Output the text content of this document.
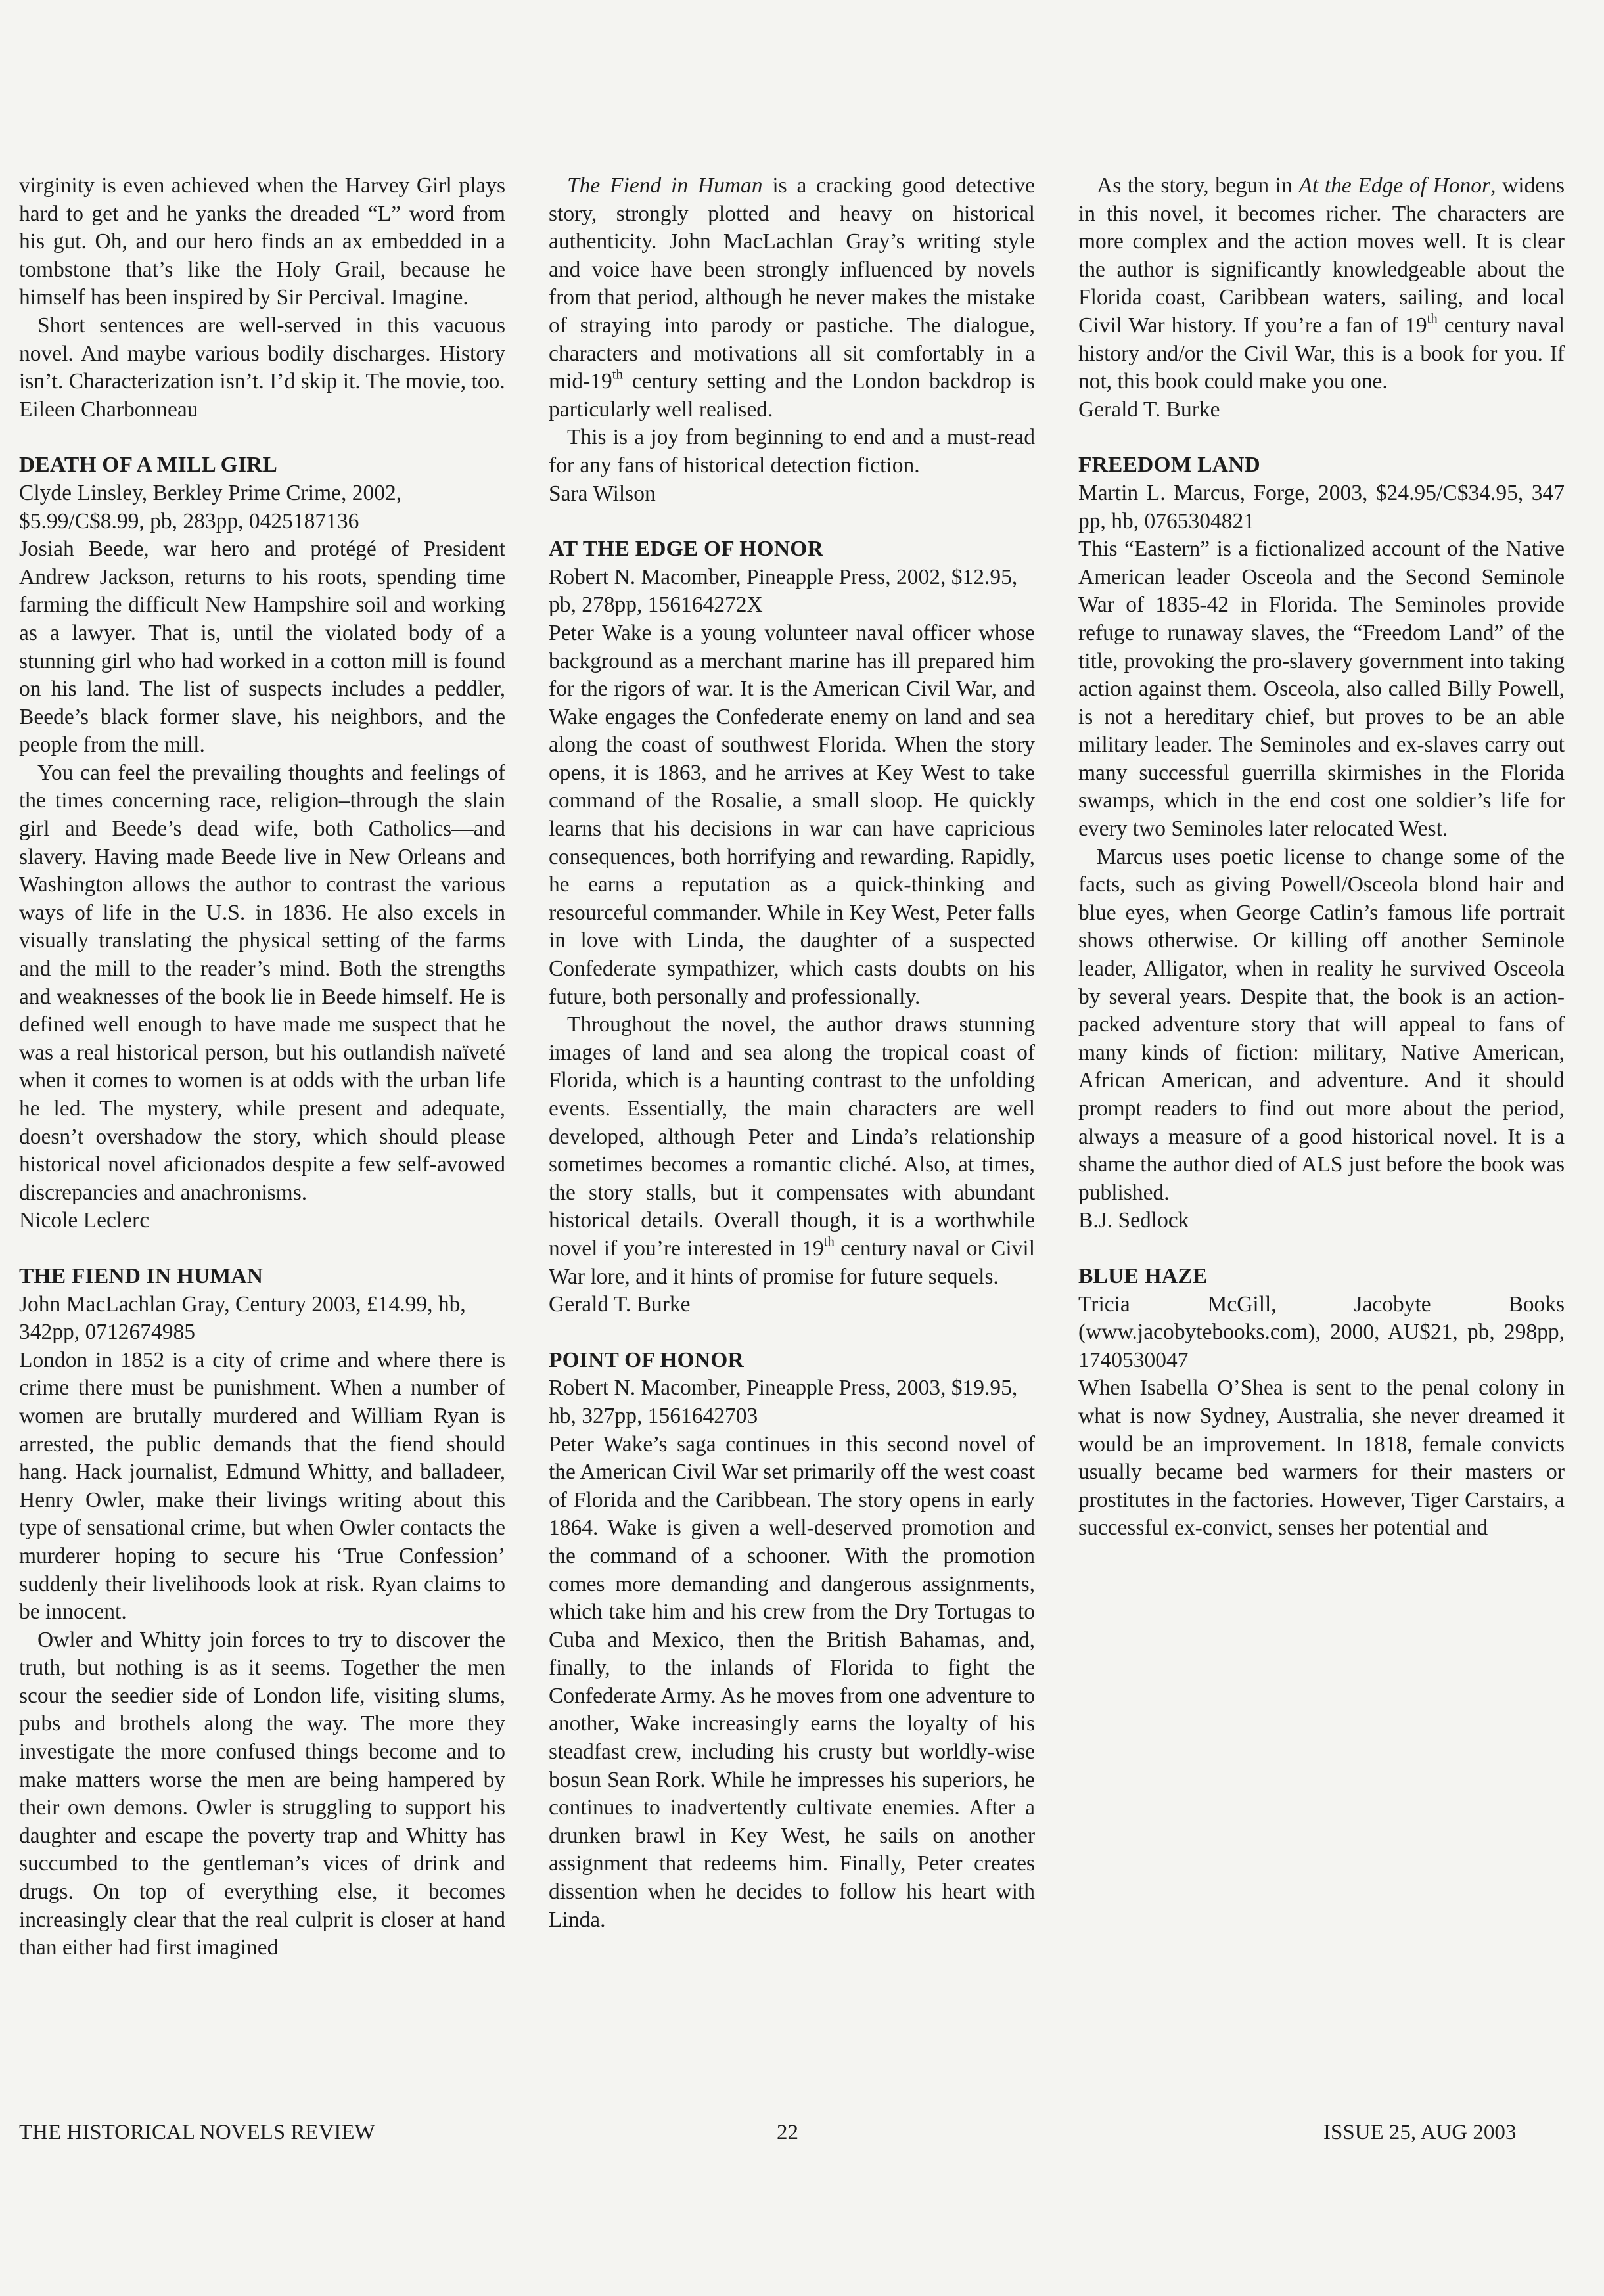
virginity is even achieved when the Harvey Girl plays hard to get and he yanks the dreaded “L” word from his gut. Oh, and our hero finds an ax embedded in a tombstone that’s like the Holy Grail, because he himself has been inspired by Sir Percival. Imagine.

Short sentences are well-served in this vacuous novel. And maybe various bodily discharges. History isn’t. Characterization isn’t. I’d skip it. The movie, too.

Eileen Charbonneau

DEATH OF A MILL GIRL

Clyde Linsley, Berkley Prime Crime, 2002, $5.99/C$8.99, pb, 283pp, 0425187136

Josiah Beede, war hero and protégé of President Andrew Jackson, returns to his roots, spending time farming the difficult New Hampshire soil and working as a lawyer. That is, until the violated body of a stunning girl who had worked in a cotton mill is found on his land. The list of suspects includes a peddler, Beede’s black former slave, his neighbors, and the people from the mill.

You can feel the prevailing thoughts and feelings of the times concerning race, religion–through the slain girl and Beede’s dead wife, both Catholics—and slavery. Having made Beede live in New Orleans and Washington allows the author to contrast the various ways of life in the U.S. in 1836. He also excels in visually translating the physical setting of the farms and the mill to the reader’s mind. Both the strengths and weaknesses of the book lie in Beede himself. He is defined well enough to have made me suspect that he was a real historical person, but his outlandish naïveté when it comes to women is at odds with the urban life he led. The mystery, while present and adequate, doesn’t overshadow the story, which should please historical novel aficionados despite a few self-avowed discrepancies and anachronisms.

Nicole Leclerc

THE FIEND IN HUMAN

John MacLachlan Gray, Century 2003, £14.99, hb, 342pp, 0712674985

London in 1852 is a city of crime and where there is crime there must be punishment. When a number of women are brutally murdered and William Ryan is arrested, the public demands that the fiend should hang. Hack journalist, Edmund Whitty, and balladeer, Henry Owler, make their livings writing about this type of sensational crime, but when Owler contacts the murderer hoping to secure his ‘True Confession’ suddenly their livelihoods look at risk. Ryan claims to be innocent.

Owler and Whitty join forces to try to discover the truth, but nothing is as it seems. Together the men scour the seedier side of London life, visiting slums, pubs and brothels along the way. The more they investigate the more confused things become and to make matters worse the men are being hampered by their own demons. Owler is struggling to support his daughter and escape the poverty trap and Whitty has succumbed to the gentleman’s vices of drink and drugs. On top of everything else, it becomes increasingly clear that the real culprit is closer at hand than either had first imagined

The Fiend in Human is a cracking good detective story, strongly plotted and heavy on historical authenticity. John MacLachlan Gray’s writing style and voice have been strongly influenced by novels from that period, although he never makes the mistake of straying into parody or pastiche. The dialogue, characters and motivations all sit comfortably in a mid-19th century setting and the London backdrop is particularly well realised.

This is a joy from beginning to end and a must-read for any fans of historical detection fiction.

Sara Wilson

AT THE EDGE OF HONOR

Robert N. Macomber, Pineapple Press, 2002, $12.95, pb, 278pp, 156164272X

Peter Wake is a young volunteer naval officer whose background as a merchant marine has ill prepared him for the rigors of war. It is the American Civil War, and Wake engages the Confederate enemy on land and sea along the coast of southwest Florida. When the story opens, it is 1863, and he arrives at Key West to take command of the Rosalie, a small sloop. He quickly learns that his decisions in war can have capricious consequences, both horrifying and rewarding. Rapidly, he earns a reputation as a quick-thinking and resourceful commander. While in Key West, Peter falls in love with Linda, the daughter of a suspected Confederate sympathizer, which casts doubts on his future, both personally and professionally.

Throughout the novel, the author draws stunning images of land and sea along the tropical coast of Florida, which is a haunting contrast to the unfolding events. Essentially, the main characters are well developed, although Peter and Linda’s relationship sometimes becomes a romantic cliché. Also, at times, the story stalls, but it compensates with abundant historical details. Overall though, it is a worthwhile novel if you’re interested in 19th century naval or Civil War lore, and it hints of promise for future sequels.

Gerald T. Burke

POINT OF HONOR

Robert N. Macomber, Pineapple Press, 2003, $19.95, hb, 327pp, 1561642703

Peter Wake’s saga continues in this second novel of the American Civil War set primarily off the west coast of Florida and the Caribbean. The story opens in early 1864. Wake is given a well-deserved promotion and the command of a schooner. With the promotion comes more demanding and dangerous assignments, which take him and his crew from the Dry Tortugas to Cuba and Mexico, then the British Bahamas, and, finally, to the inlands of Florida to fight the Confederate Army. As he moves from one adventure to another, Wake increasingly earns the loyalty of his steadfast crew, including his crusty but worldly-wise bosun Sean Rork. While he impresses his superiors, he continues to inadvertently cultivate enemies. After a drunken brawl in Key West, he sails on another assignment that redeems him. Finally, Peter creates dissention when he decides to follow his heart with Linda.

As the story, begun in At the Edge of Honor, widens in this novel, it becomes richer. The characters are more complex and the action moves well. It is clear the author is significantly knowledgeable about the Florida coast, Caribbean waters, sailing, and local Civil War history. If you’re a fan of 19th century naval history and/or the Civil War, this is a book for you. If not, this book could make you one.

Gerald T. Burke

FREEDOM LAND

Martin L. Marcus, Forge, 2003, $24.95/C$34.95, 347 pp, hb, 0765304821

This “Eastern” is a fictionalized account of the Native American leader Osceola and the Second Seminole War of 1835-42 in Florida. The Seminoles provide refuge to runaway slaves, the “Freedom Land” of the title, provoking the pro-slavery government into taking action against them. Osceola, also called Billy Powell, is not a hereditary chief, but proves to be an able military leader. The Seminoles and ex-slaves carry out many successful guerrilla skirmishes in the Florida swamps, which in the end cost one soldier’s life for every two Seminoles later relocated West.

Marcus uses poetic license to change some of the facts, such as giving Powell/Osceola blond hair and blue eyes, when George Catlin’s famous life portrait shows otherwise. Or killing off another Seminole leader, Alligator, when in reality he survived Osceola by several years. Despite that, the book is an action-packed adventure story that will appeal to fans of many kinds of fiction: military, Native American, African American, and adventure. And it should prompt readers to find out more about the period, always a measure of a good historical novel. It is a shame the author died of ALS just before the book was published.

B.J. Sedlock

BLUE HAZE

Tricia McGill, Jacobyte Books (www.jacobytebooks.com), 2000, AU$21, pb, 298pp, 1740530047

When Isabella O’Shea is sent to the penal colony in what is now Sydney, Australia, she never dreamed it would be an improvement. In 1818, female convicts usually became bed warmers for their masters or prostitutes in the factories. However, Tiger Carstairs, a successful ex-convict, senses her potential and

THE HISTORICAL NOVELS REVIEW	22	ISSUE 25, AUG 2003
